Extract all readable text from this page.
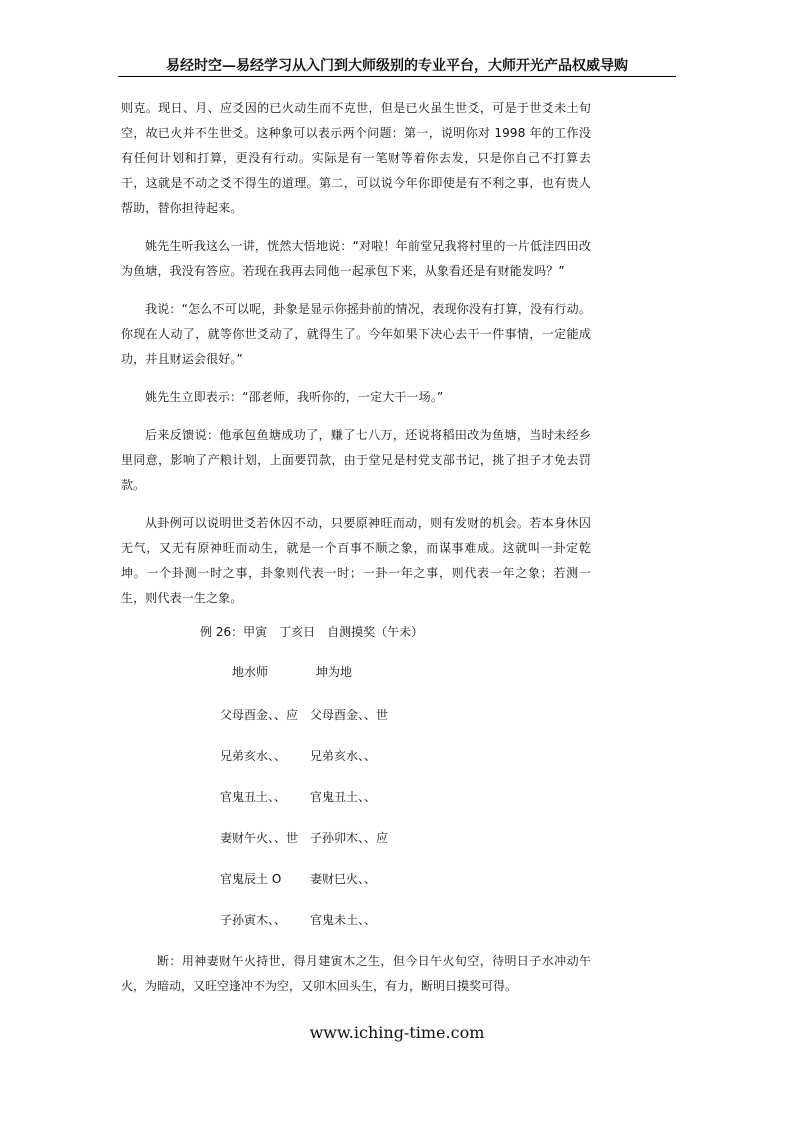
易经时空—易经学习从入门到大师级别的专业平台，大师开光产品权威导购

则克。现日、月、应爻因的已火动生而不克世，但是已火虽生世爻，可是于世爻未土旬空，故已火并不生世爻。这种象可以表示两个问题：第一，说明你对 1998 年的工作没有任何计划和打算，更没有行动。实际是有一笔财等着你去发，只是你自己不打算去干，这就是不动之爻不得生的道理。第二，可以说今年你即使是有不利之事，也有贵人帮助，替你担待起来。

姚先生听我这么一讲，恍然大悟地说：“对啦！年前堂兄我将村里的一片低洼四田改为鱼塘，我没有答应。若现在我再去同他一起承包下来，从象看还是有财能发吗？”

我说：“怎么不可以呢，卦象是显示你摇卦前的情况，表现你没有打算，没有行动。你现在人动了，就等你世爻动了，就得生了。今年如果下决心去干一件事情，一定能成功，并且财运会很好。”

姚先生立即表示：“邵老师，我听你的，一定大干一场。”

后来反馈说：他承包鱼塘成功了，赚了七八万，还说将稻田改为鱼塘，当时未经乡里同意，影响了产粮计划，上面要罚款，由于堂兄是村党支部书记，挑了担子才免去罚款。

从卦例可以说明世爻若休囚不动，只要原神旺而动，则有发财的机会。若本身休囚无气，又无有原神旺而动生，就是一个百事不顺之象，而谋事难成。这就叫一卦定乾坤。一个卦测一时之事，卦象则代表一时；一卦一年之事，则代表一年之象；若测一生，则代表一生之象。

例 26：甲寅　丁亥日　自测摸奖（午未）
地水师	坤为地
父母酉金、、应 父母酉金、、世
兄弟亥水、、 兄弟亥水、、
官鬼丑土、、 官鬼丑土、、
妻财午火、、世 子孙卯木、、应
官鬼辰土 O 妻财巳火、、
子孙寅木、、 官鬼未土、、

断：用神妻财午火持世，得月建寅木之生，但今日午火旬空，待明日子水冲动午火，为暗动，又旺空逢冲不为空，又卯木回头生，有力，断明日摸奖可得。

www.iching-time.com
